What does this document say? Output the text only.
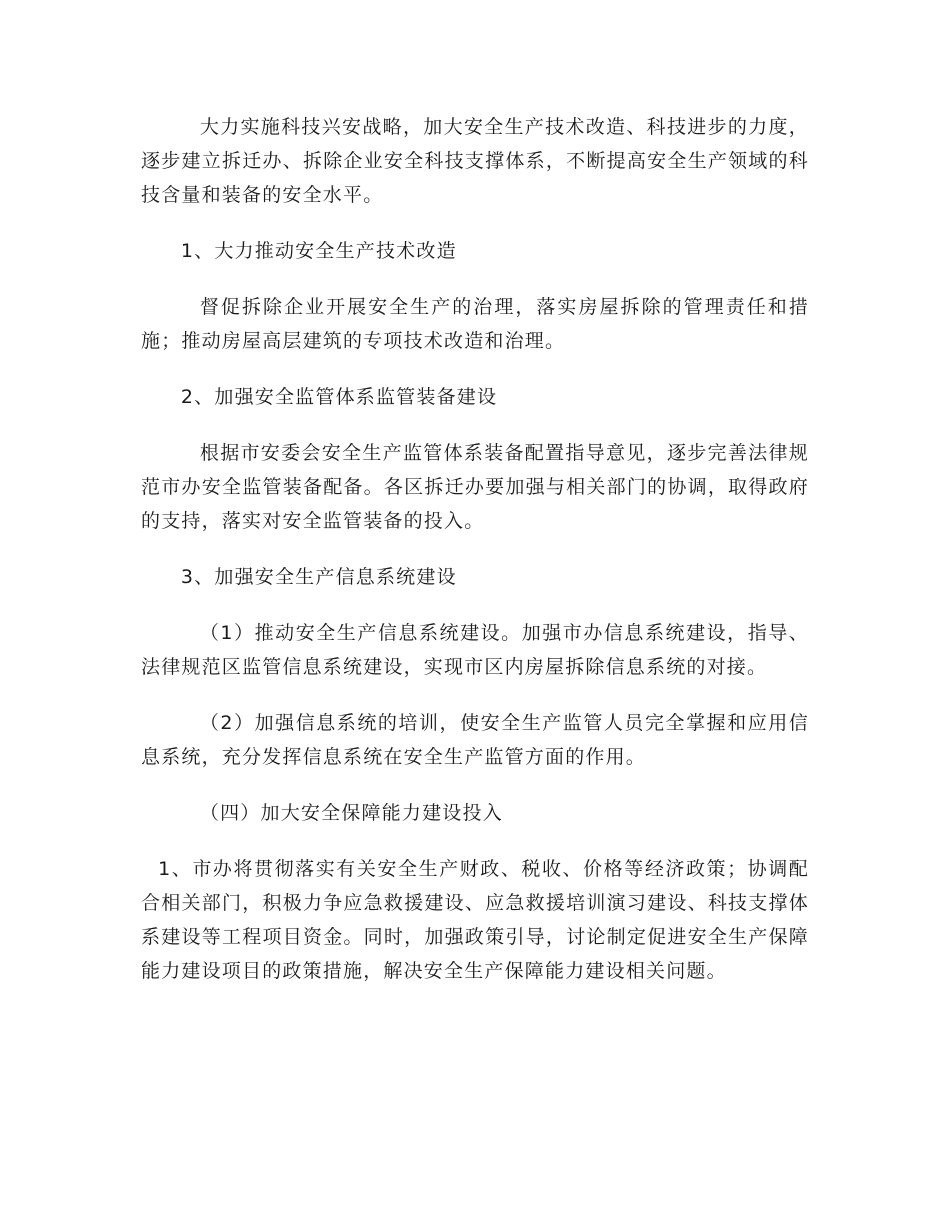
大力实施科技兴安战略，加大安全生产技术改造、科技进步的力度，逐步建立拆迁办、拆除企业安全科技支撑体系，不断提高安全生产领域的科技含量和装备的安全水平。

1、大力推动安全生产技术改造

督促拆除企业开展安全生产的治理，落实房屋拆除的管理责任和措施；推动房屋高层建筑的专项技术改造和治理。

2、加强安全监管体系监管装备建设

根据市安委会安全生产监管体系装备配置指导意见，逐步完善法律规范市办安全监管装备配备。各区拆迁办要加强与相关部门的协调，取得政府的支持，落实对安全监管装备的投入。

3、加强安全生产信息系统建设

（1）推动安全生产信息系统建设。加强市办信息系统建设，指导、法律规范区监管信息系统建设，实现市区内房屋拆除信息系统的对接。

（2）加强信息系统的培训，使安全生产监管人员完全掌握和应用信息系统，充分发挥信息系统在安全生产监管方面的作用。

（四）加大安全保障能力建设投入

1、市办将贯彻落实有关安全生产财政、税收、价格等经济政策；协调配合相关部门，积极力争应急救援建设、应急救援培训演习建设、科技支撑体系建设等工程项目资金。同时，加强政策引导，讨论制定促进安全生产保障能力建设项目的政策措施，解决安全生产保障能力建设相关问题。
